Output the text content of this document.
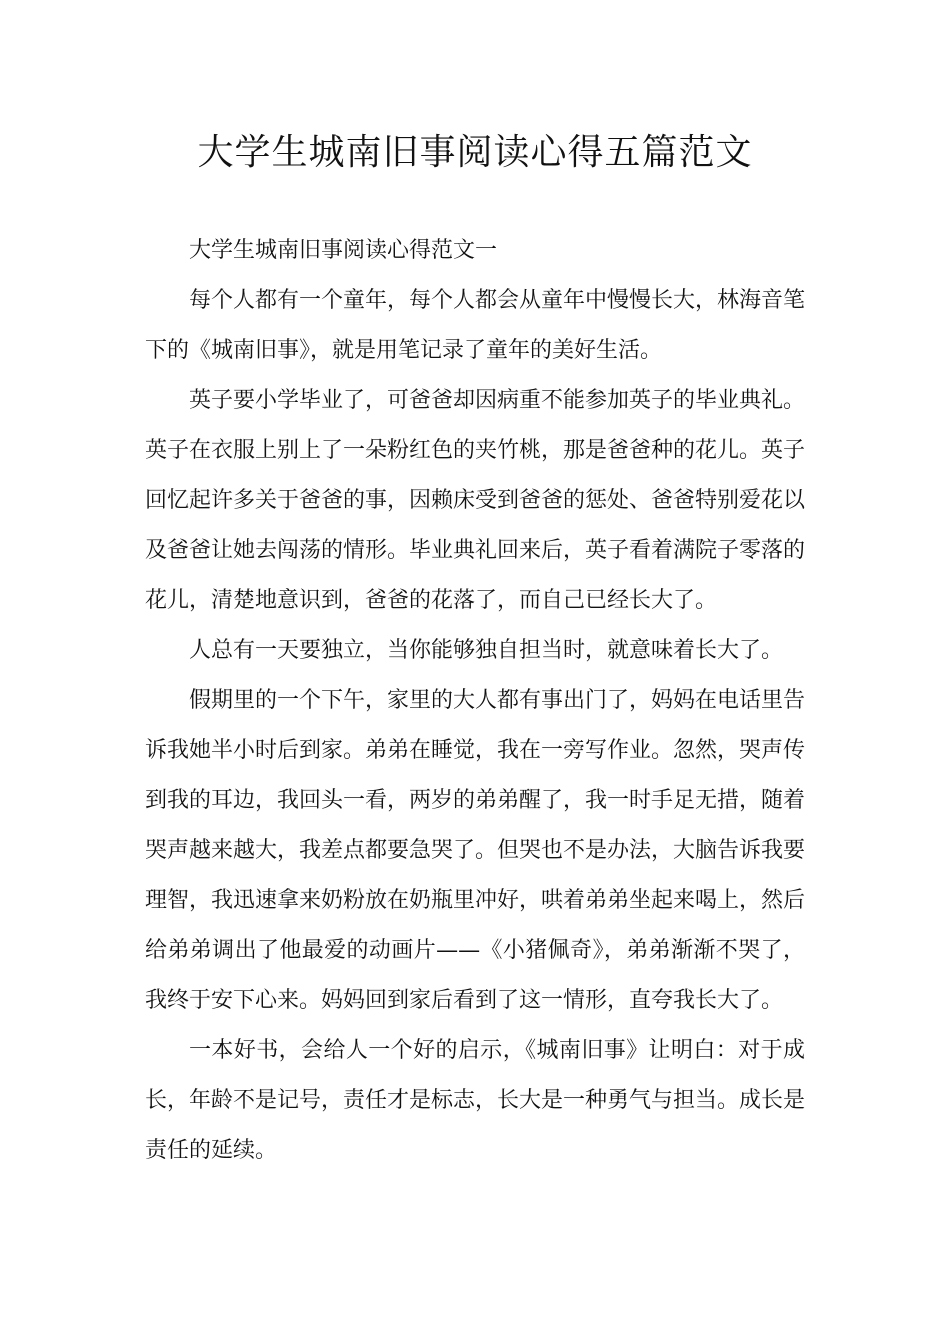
大学生城南旧事阅读心得五篇范文

大学生城南旧事阅读心得范文一

每个人都有一个童年，每个人都会从童年中慢慢长大，林海音笔下的《城南旧事》，就是用笔记录了童年的美好生活。

英子要小学毕业了，可爸爸却因病重不能参加英子的毕业典礼。英子在衣服上别上了一朵粉红色的夹竹桃，那是爸爸种的花儿。英子回忆起许多关于爸爸的事，因赖床受到爸爸的惩处、爸爸特别爱花以及爸爸让她去闯荡的情形。毕业典礼回来后，英子看着满院子零落的花儿，清楚地意识到，爸爸的花落了，而自己已经长大了。

人总有一天要独立，当你能够独自担当时，就意味着长大了。

假期里的一个下午，家里的大人都有事出门了，妈妈在电话里告诉我她半小时后到家。弟弟在睡觉，我在一旁写作业。忽然，哭声传到我的耳边，我回头一看，两岁的弟弟醒了，我一时手足无措，随着哭声越来越大，我差点都要急哭了。但哭也不是办法，大脑告诉我要理智，我迅速拿来奶粉放在奶瓶里冲好，哄着弟弟坐起来喝上，然后给弟弟调出了他最爱的动画片——《小猪佩奇》，弟弟渐渐不哭了，我终于安下心来。妈妈回到家后看到了这一情形，直夸我长大了。

一本好书，会给人一个好的启示，《城南旧事》让明白：对于成长，年龄不是记号，责任才是标志，长大是一种勇气与担当。成长是责任的延续。
